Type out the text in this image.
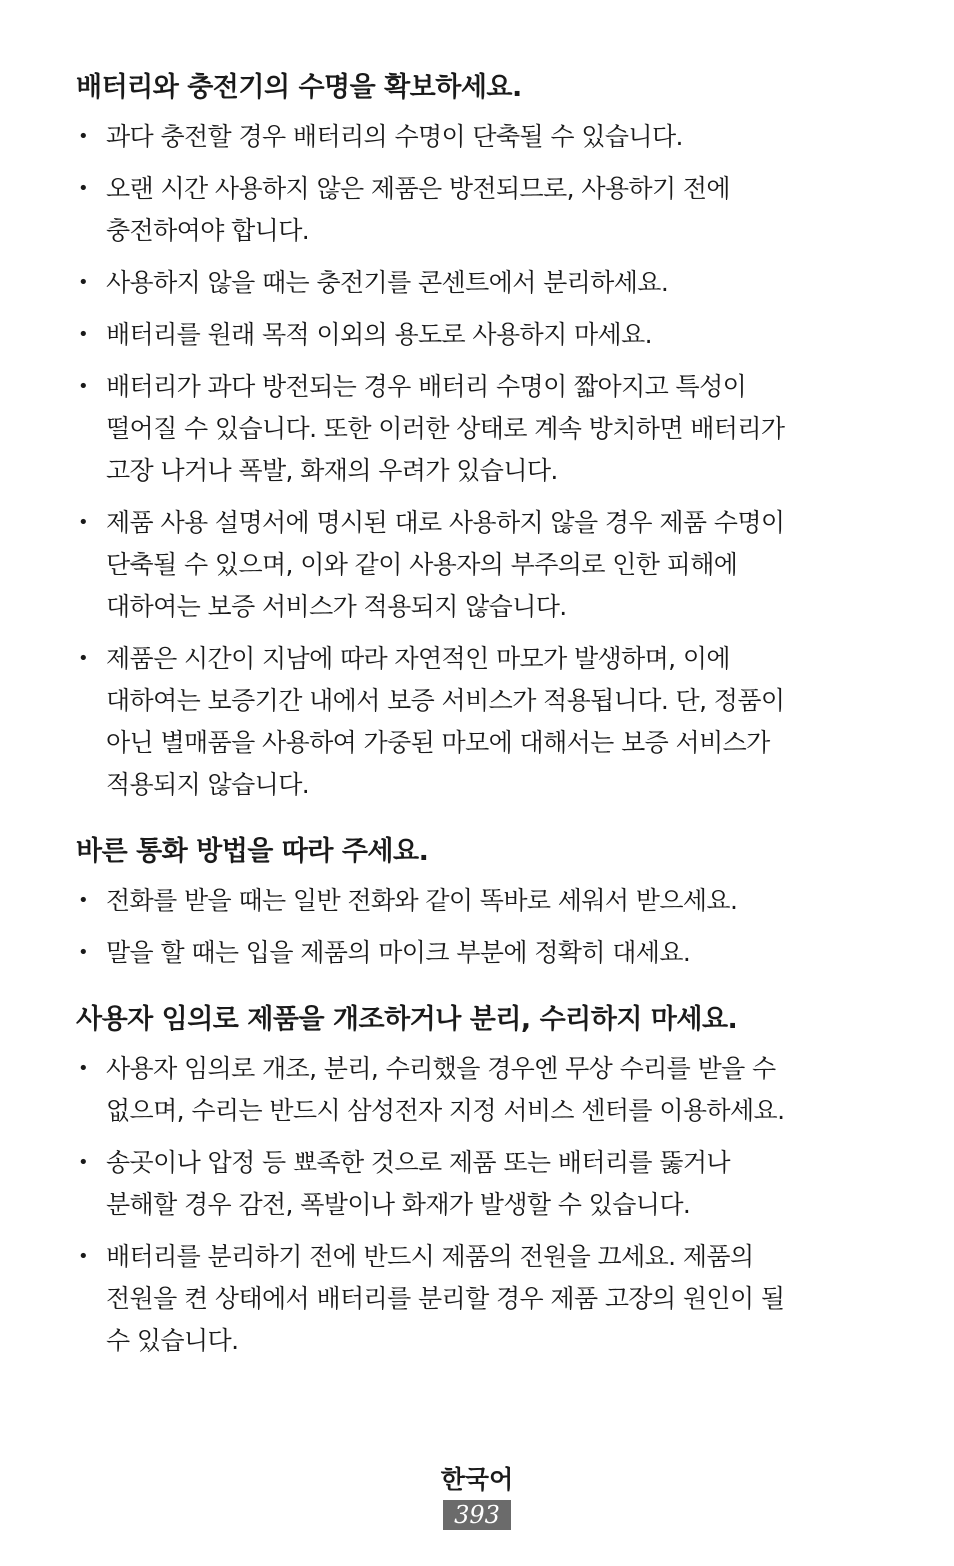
배터리와 충전기의 수명을 확보하세요.
• 과다 충전할 경우 배터리의 수명이 단축될 수 있습니다.
• 오랜 시간 사용하지 않은 제품은 방전되므로, 사용하기 전에
충전하여야 합니다.
• 사용하지 않을 때는 충전기를 콘센트에서 분리하세요.
• 배터리를 원래 목적 이외의 용도로 사용하지 마세요.
• 배터리가 과다 방전되는 경우 배터리 수명이 짧아지고 특성이
떨어질 수 있습니다. 또한 이러한 상태로 계속 방치하면 배터리가
고장 나거나 폭발, 화재의 우려가 있습니다.
• 제품 사용 설명서에 명시된 대로 사용하지 않을 경우 제품 수명이
단축될 수 있으며, 이와 같이 사용자의 부주의로 인한 피해에
대하여는 보증 서비스가 적용되지 않습니다.
• 제품은 시간이 지남에 따라 자연적인 마모가 발생하며, 이에
대하여는 보증기간 내에서 보증 서비스가 적용됩니다. 단, 정품이
아닌 별매품을 사용하여 가중된 마모에 대해서는 보증 서비스가
적용되지 않습니다.
바른 통화 방법을 따라 주세요.
• 전화를 받을 때는 일반 전화와 같이 똑바로 세워서 받으세요.
• 말을 할 때는 입을 제품의 마이크 부분에 정확히 대세요.
사용자 임의로 제품을 개조하거나 분리, 수리하지 마세요.
• 사용자 임의로 개조, 분리, 수리했을 경우엔 무상 수리를 받을 수
없으며, 수리는 반드시 삼성전자 지정 서비스 센터를 이용하세요.
• 송곳이나 압정 등 뾰족한 것으로 제품 또는 배터리를 뚫거나
분해할 경우 감전, 폭발이나 화재가 발생할 수 있습니다.
• 배터리를 분리하기 전에 반드시 제품의 전원을 끄세요. 제품의
전원을 켠 상태에서 배터리를 분리할 경우 제품 고장의 원인이 될
수 있습니다.
한국어
393
